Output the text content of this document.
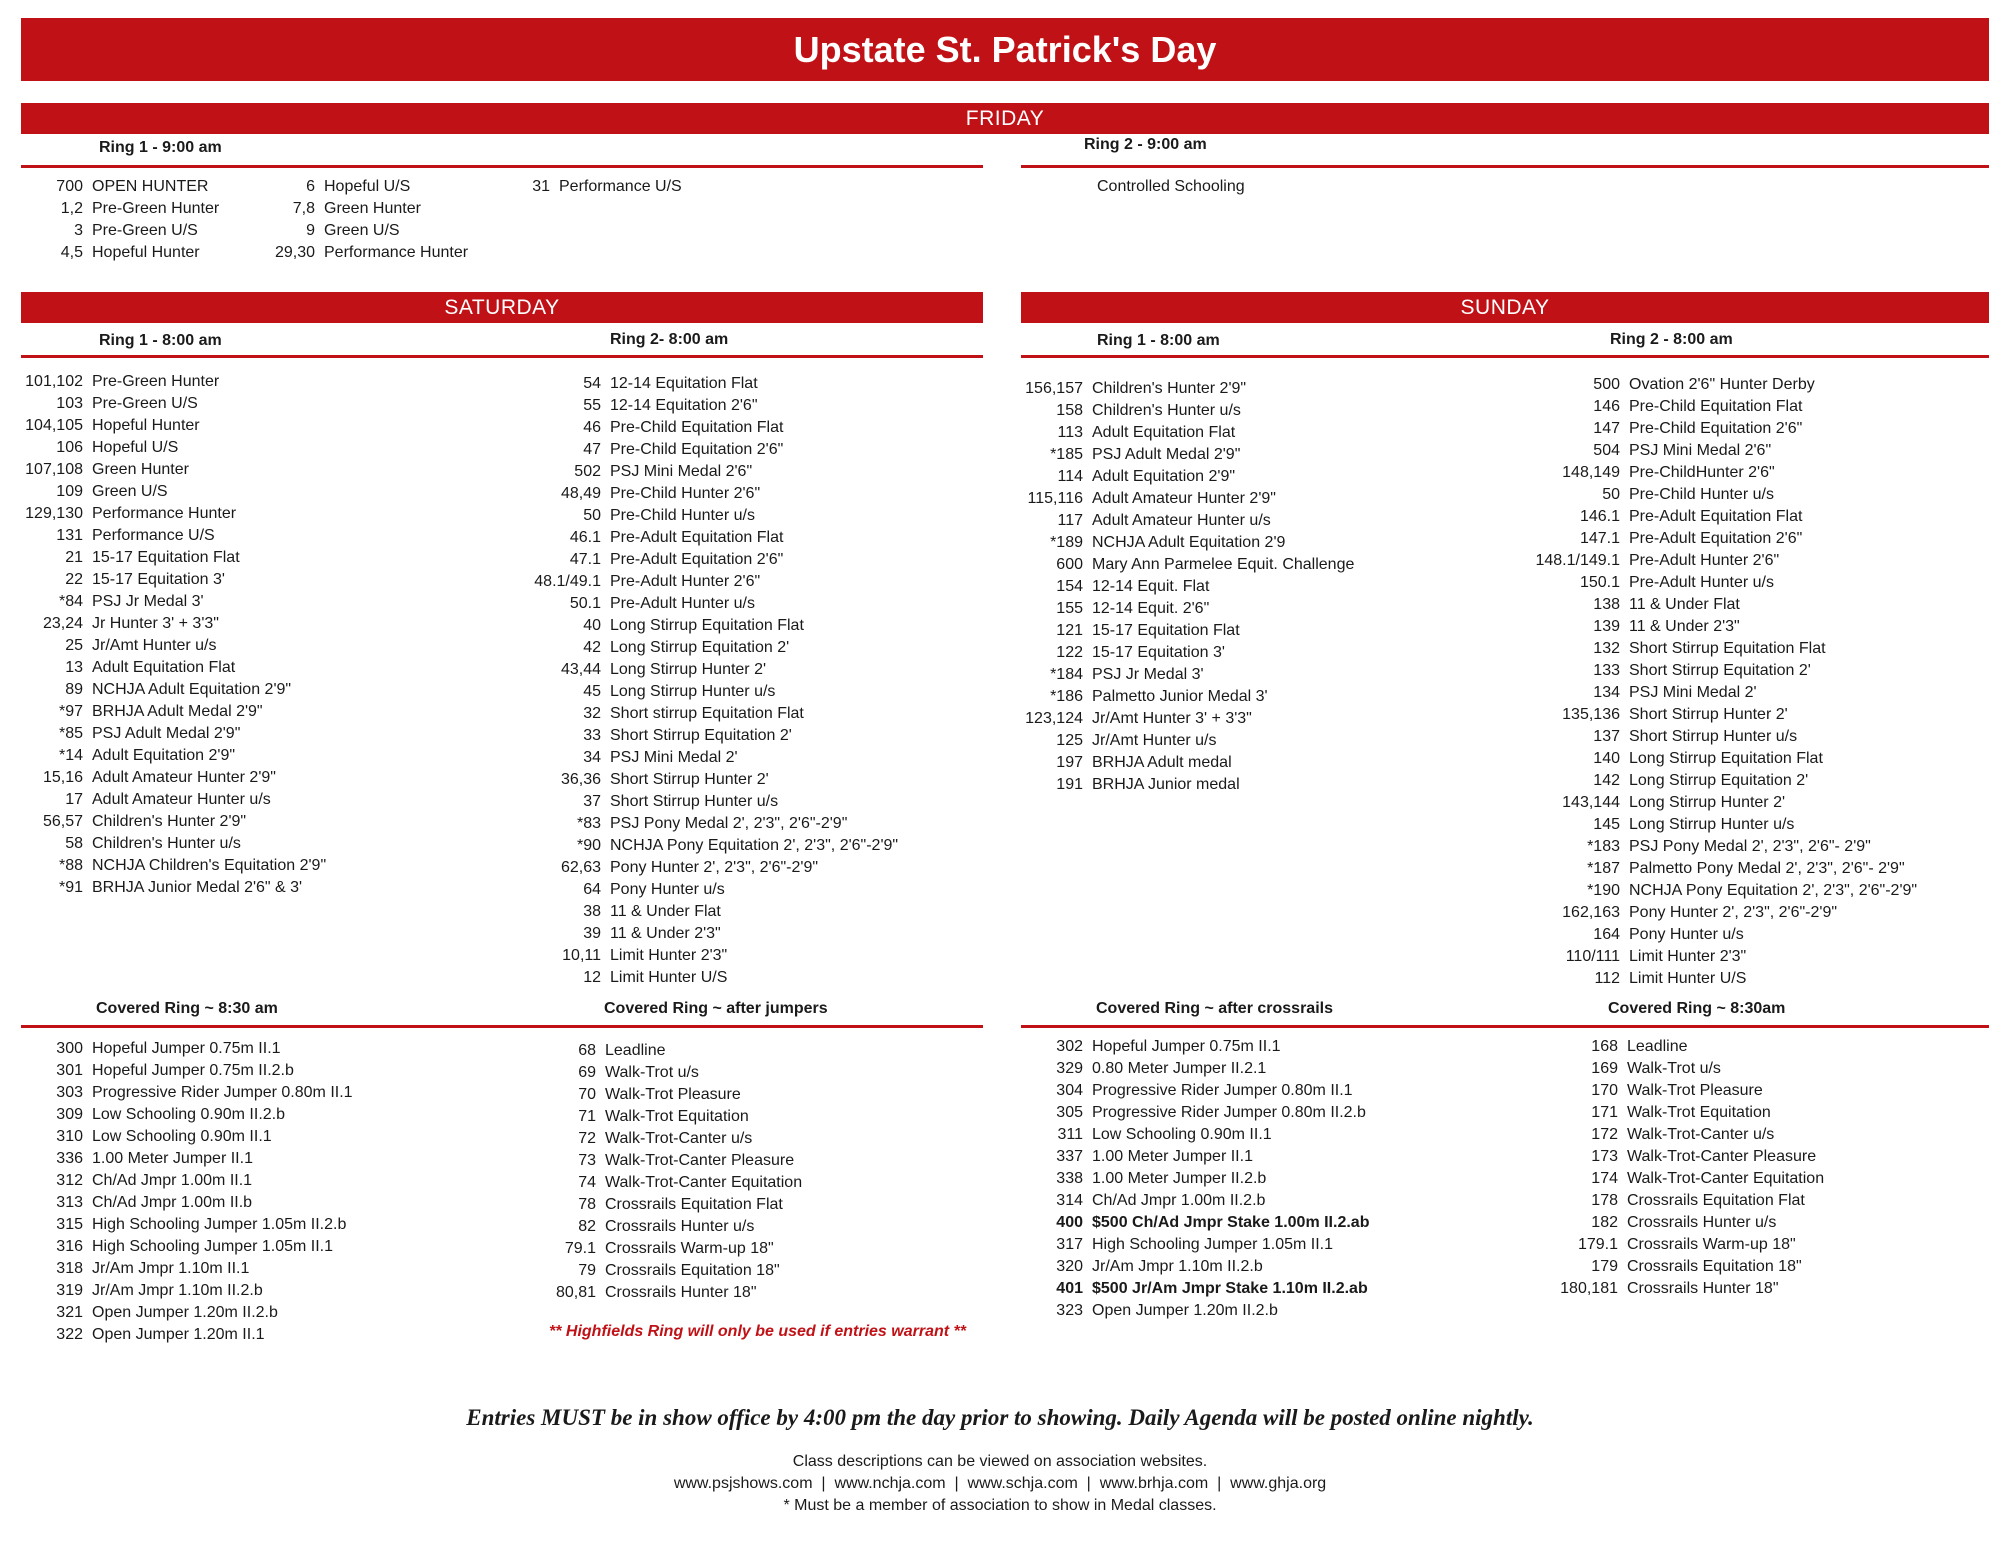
Upstate St. Patrick's Day
FRIDAY
Ring 1 - 9:00 am	Ring 2 - 9:00 am
700 OPEN HUNTER
1,2 Pre-Green Hunter
3 Pre-Green U/S
4,5 Hopeful Hunter
6 Hopeful U/S
7,8 Green Hunter
9 Green U/S
29,30 Performance Hunter
31 Performance U/S	Controlled Schooling
SATURDAY	SUNDAY
Ring 1 - 8:00 am	Ring 2- 8:00 am	Ring 1 - 8:00 am	Ring 2 - 8:00 am
101,102 Pre-Green Hunter
103 Pre-Green U/S
104,105 Hopeful Hunter
106 Hopeful U/S
107,108 Green Hunter
109 Green U/S
129,130 Performance Hunter
131 Performance U/S
21 15-17 Equitation Flat
22 15-17 Equitation 3'
*84 PSJ Jr Medal 3'
23,24 Jr Hunter 3' + 3'3"
25 Jr/Amt Hunter u/s
13 Adult Equitation Flat
89 NCHJA Adult Equitation 2'9"
*97 BRHJA Adult Medal 2'9"
*85 PSJ Adult Medal 2'9"
*14 Adult Equitation 2'9"
15,16 Adult Amateur Hunter 2'9"
17 Adult Amateur Hunter u/s
56,57 Children's Hunter 2'9"
58 Children's Hunter u/s
*88 NCHJA Children's Equitation 2'9"
*91 BRHJA Junior Medal 2'6" & 3'
54 12-14 Equitation Flat
55 12-14 Equitation 2'6"
46 Pre-Child Equitation Flat
47 Pre-Child Equitation 2'6"
502 PSJ Mini Medal 2'6"
48,49 Pre-Child Hunter 2'6"
50 Pre-Child Hunter u/s
46.1 Pre-Adult Equitation Flat
47.1 Pre-Adult Equitation 2'6"
48.1/49.1 Pre-Adult Hunter 2'6"
50.1 Pre-Adult Hunter u/s
40 Long Stirrup Equitation Flat
42 Long Stirrup Equitation 2'
43,44 Long Stirrup Hunter 2'
45 Long Stirrup Hunter u/s
32 Short stirrup Equitation Flat
33 Short Stirrup Equitation 2'
34 PSJ Mini Medal 2'
36,36 Short Stirrup Hunter 2'
37 Short Stirrup Hunter u/s
*83 PSJ Pony Medal 2', 2'3", 2'6"-2'9"
*90 NCHJA Pony Equitation 2', 2'3", 2'6"-2'9"
62,63 Pony Hunter 2', 2'3", 2'6"-2'9"
64 Pony Hunter u/s
38 11 & Under Flat
39 11 & Under 2'3"
10,11 Limit Hunter 2'3"
12 Limit Hunter U/S
156,157 Children's Hunter 2'9"
158 Children's Hunter u/s
113 Adult Equitation Flat
*185 PSJ Adult Medal 2'9"
114 Adult Equitation 2'9"
115,116 Adult Amateur Hunter 2'9"
117 Adult Amateur Hunter u/s
*189 NCHJA Adult Equitation 2'9
600 Mary Ann Parmelee Equit. Challenge
154 12-14 Equit. Flat
155 12-14 Equit. 2'6"
121 15-17 Equitation Flat
122 15-17 Equitation 3'
*184 PSJ Jr Medal 3'
*186 Palmetto Junior Medal 3'
123,124 Jr/Amt Hunter 3' + 3'3"
125 Jr/Amt Hunter u/s
197 BRHJA Adult medal
191 BRHJA Junior medal
500 Ovation 2'6" Hunter Derby
146 Pre-Child Equitation Flat
147 Pre-Child Equitation 2'6"
504 PSJ Mini Medal 2'6"
148,149 Pre-ChildHunter 2'6"
50 Pre-Child Hunter u/s
146.1 Pre-Adult Equitation Flat
147.1 Pre-Adult Equitation 2'6"
148.1/149.1 Pre-Adult Hunter 2'6"
150.1 Pre-Adult Hunter u/s
138 11 & Under Flat
139 11 & Under 2'3"
132 Short Stirrup Equitation Flat
133 Short Stirrup Equitation 2'
134 PSJ Mini Medal 2'
135,136 Short Stirrup Hunter 2'
137 Short Stirrup Hunter u/s
140 Long Stirrup Equitation Flat
142 Long Stirrup Equitation 2'
143,144 Long Stirrup Hunter 2'
145 Long Stirrup Hunter u/s
*183 PSJ Pony Medal 2', 2'3", 2'6"- 2'9"
*187 Palmetto Pony Medal 2', 2'3", 2'6"- 2'9"
*190 NCHJA Pony Equitation 2', 2'3", 2'6"-2'9"
162,163 Pony Hunter 2', 2'3", 2'6"-2'9"
164 Pony Hunter u/s
110/111 Limit Hunter 2'3"
112 Limit Hunter U/S
Covered Ring ~ 8:30 am	Covered Ring ~ after jumpers	Covered Ring ~ after crossrails	Covered Ring ~ 8:30am
300 Hopeful Jumper 0.75m II.1
301 Hopeful Jumper 0.75m II.2.b
303 Progressive Rider Jumper 0.80m II.1
309 Low Schooling 0.90m II.2.b
310 Low Schooling 0.90m II.1
336 1.00 Meter Jumper II.1
312 Ch/Ad Jmpr 1.00m II.1
313 Ch/Ad Jmpr 1.00m II.b
315 High Schooling Jumper 1.05m II.2.b
316 High Schooling Jumper 1.05m II.1
318 Jr/Am Jmpr 1.10m II.1
319 Jr/Am Jmpr 1.10m II.2.b
321 Open Jumper 1.20m II.2.b
322 Open Jumper 1.20m II.1
68 Leadline
69 Walk-Trot u/s
70 Walk-Trot Pleasure
71 Walk-Trot Equitation
72 Walk-Trot-Canter u/s
73 Walk-Trot-Canter Pleasure
74 Walk-Trot-Canter Equitation
78 Crossrails Equitation Flat
82 Crossrails Hunter u/s
79.1 Crossrails Warm-up 18"
79 Crossrails Equitation 18"
80,81 Crossrails Hunter 18"
302 Hopeful Jumper 0.75m II.1
329 0.80 Meter Jumper II.2.1
304 Progressive Rider Jumper 0.80m II.1
305 Progressive Rider Jumper 0.80m II.2.b
311 Low Schooling 0.90m II.1
337 1.00 Meter Jumper II.1
338 1.00 Meter Jumper II.2.b
314 Ch/Ad Jmpr 1.00m II.2.b
400 $500 Ch/Ad Jmpr Stake 1.00m II.2.ab
317 High Schooling Jumper 1.05m II.1
320 Jr/Am Jmpr 1.10m II.2.b
401 $500 Jr/Am Jmpr Stake 1.10m II.2.ab
323 Open Jumper 1.20m II.2.b
168 Leadline
169 Walk-Trot u/s
170 Walk-Trot Pleasure
171 Walk-Trot Equitation
172 Walk-Trot-Canter u/s
173 Walk-Trot-Canter Pleasure
174 Walk-Trot-Canter Equitation
178 Crossrails Equitation Flat
182 Crossrails Hunter u/s
179.1 Crossrails Warm-up 18"
179 Crossrails Equitation 18"
180,181 Crossrails Hunter 18"
** Highfields Ring will only be used if entries warrant **
Entries MUST be in show office by 4:00 pm the day prior to showing. Daily Agenda will be posted online nightly.
Class descriptions can be viewed on association websites.
www.psjshows.com  |  www.nchja.com  |  www.schja.com  |  www.brhja.com  |  www.ghja.org
* Must be a member of association to show in Medal classes.
